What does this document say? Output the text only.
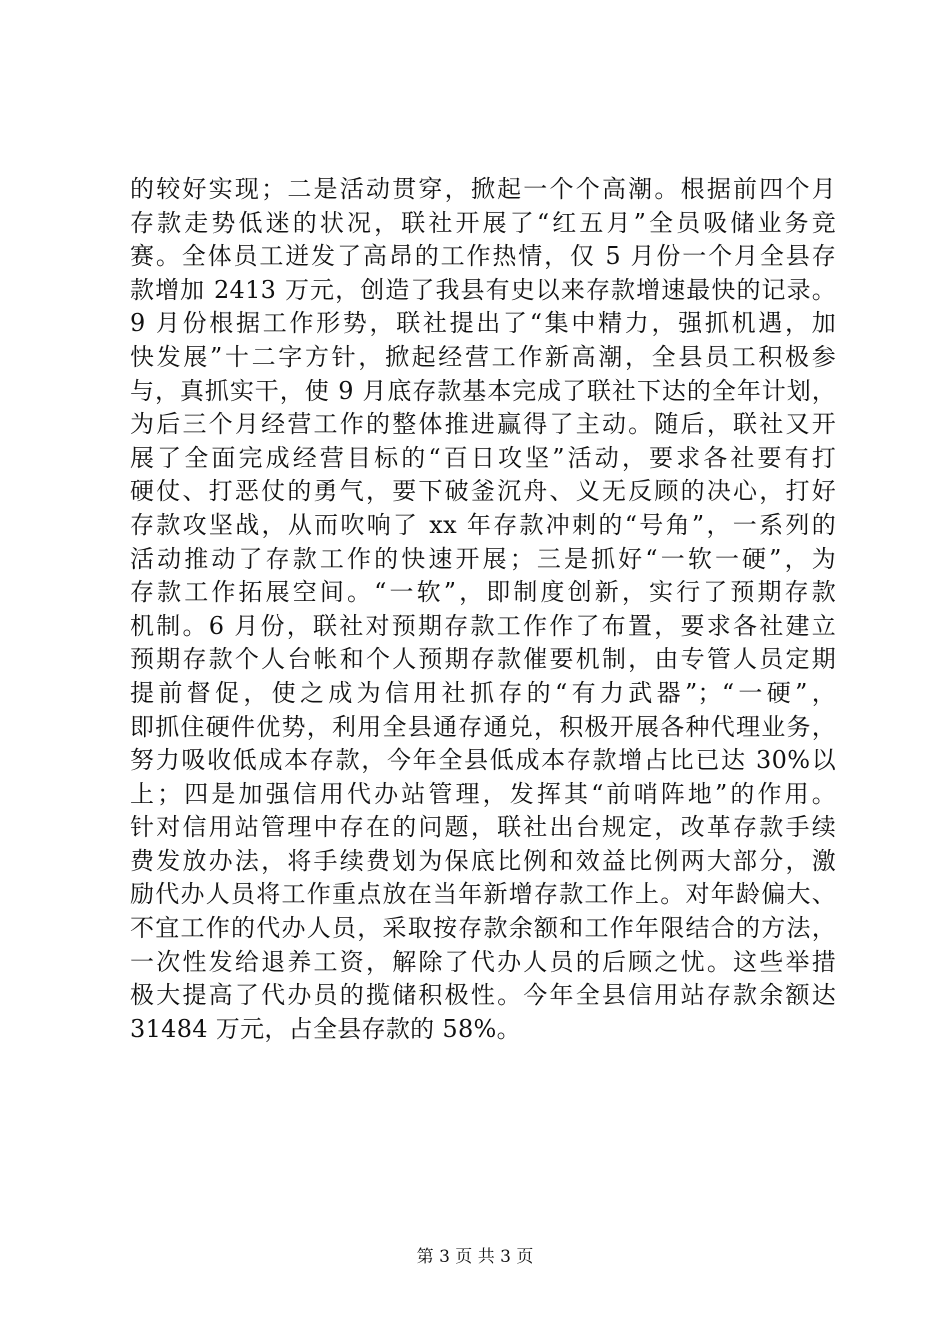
的较好实现；二是活动贯穿，掀起一个个高潮。根据前四个月
存款走势低迷的状况，联社开展了“红五月”全员吸储业务竞
赛。全体员工迸发了高昂的工作热情，仅 5 月份一个月全县存
款增加 2413 万元，创造了我县有史以来存款增速最快的记录。
9 月份根据工作形势，联社提出了“集中精力，强抓机遇，加
快发展”十二字方针，掀起经营工作新高潮，全县员工积极参
与，真抓实干，使 9 月底存款基本完成了联社下达的全年计划，
为后三个月经营工作的整体推进赢得了主动。随后，联社又开
展了全面完成经营目标的“百日攻坚”活动，要求各社要有打
硬仗、打恶仗的勇气，要下破釜沉舟、义无反顾的决心，打好
存款攻坚战，从而吹响了 xx 年存款冲刺的“号角”，一系列的
活动推动了存款工作的快速开展；三是抓好“一软一硬”，为
存款工作拓展空间。“一软”，即制度创新，实行了预期存款
机制。6 月份，联社对预期存款工作作了布置，要求各社建立
预期存款个人台帐和个人预期存款催要机制，由专管人员定期
提前督促，使之成为信用社抓存的“有力武器”；“一硬”，
即抓住硬件优势，利用全县通存通兑，积极开展各种代理业务，
努力吸收低成本存款，今年全县低成本存款增占比已达 30%以
上；四是加强信用代办站管理，发挥其“前哨阵地”的作用。
针对信用站管理中存在的问题，联社出台规定，改革存款手续
费发放办法，将手续费划为保底比例和效益比例两大部分，激
励代办人员将工作重点放在当年新增存款工作上。对年龄偏大、
不宜工作的代办人员，采取按存款余额和工作年限结合的方法，
一次性发给退养工资，解除了代办人员的后顾之忧。这些举措
极大提高了代办员的揽储积极性。今年全县信用站存款余额达
31484 万元，占全县存款的 58%。
第 3 页 共 3 页
